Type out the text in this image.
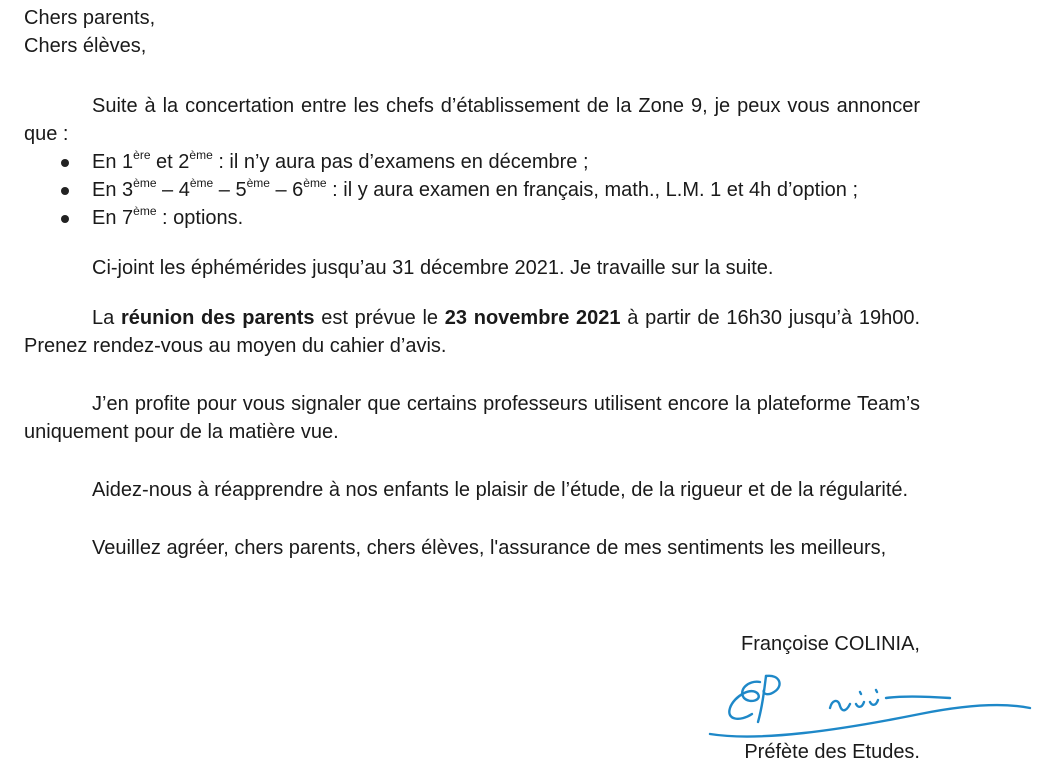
Chers parents,

Chers élèves,

Suite à la concertation entre les chefs d’établissement de la Zone 9, je peux vous annoncer que :

En 1ère et 2ème : il n’y aura pas d’examens en décembre ;
En 3ème – 4ème – 5ème – 6ème : il y aura examen en français, math., L.M. 1 et 4h d’option ;
En 7ème : options.

Ci-joint les éphémérides jusqu’au 31 décembre 2021. Je travaille sur la suite.

La réunion des parents est prévue le 23 novembre 2021 à partir de 16h30 jusqu’à 19h00. Prenez rendez-vous au moyen du cahier d’avis.

J’en profite pour vous signaler que certains professeurs utilisent encore la plateforme Team’s uniquement pour de la matière vue.

Aidez-nous à réapprendre à nos enfants le plaisir de l’étude, de la rigueur et de la régularité.

Veuillez agréer, chers parents, chers élèves, l'assurance de mes sentiments les meilleurs,

Françoise COLINIA,

Préfète des Etudes.
